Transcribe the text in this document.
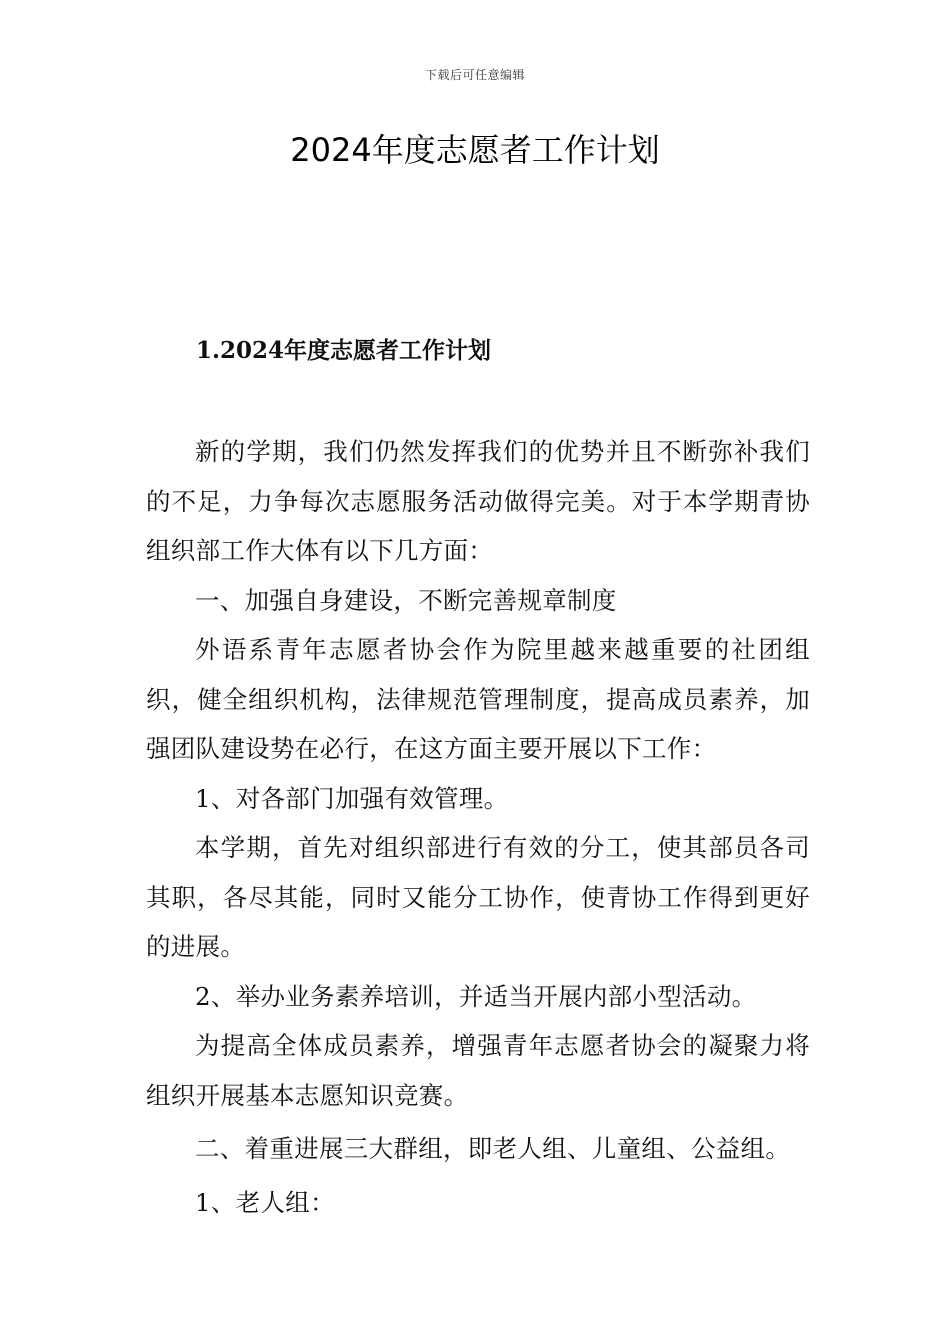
下载后可任意编辑
2024年度志愿者工作计划
1.2024年度志愿者工作计划

新的学期，我们仍然发挥我们的优势并且不断弥补我们的不足，力争每次志愿服务活动做得完美。对于本学期青协组织部工作大体有以下几方面：

一、加强自身建设，不断完善规章制度

外语系青年志愿者协会作为院里越来越重要的社团组织，健全组织机构，法律规范管理制度，提高成员素养，加强团队建设势在必行，在这方面主要开展以下工作：

1、对各部门加强有效管理。

本学期，首先对组织部进行有效的分工，使其部员各司其职，各尽其能，同时又能分工协作，使青协工作得到更好的进展。

2、举办业务素养培训，并适当开展内部小型活动。

为提高全体成员素养，增强青年志愿者协会的凝聚力将组织开展基本志愿知识竞赛。

二、着重进展三大群组，即老人组、儿童组、公益组。

1、老人组：
